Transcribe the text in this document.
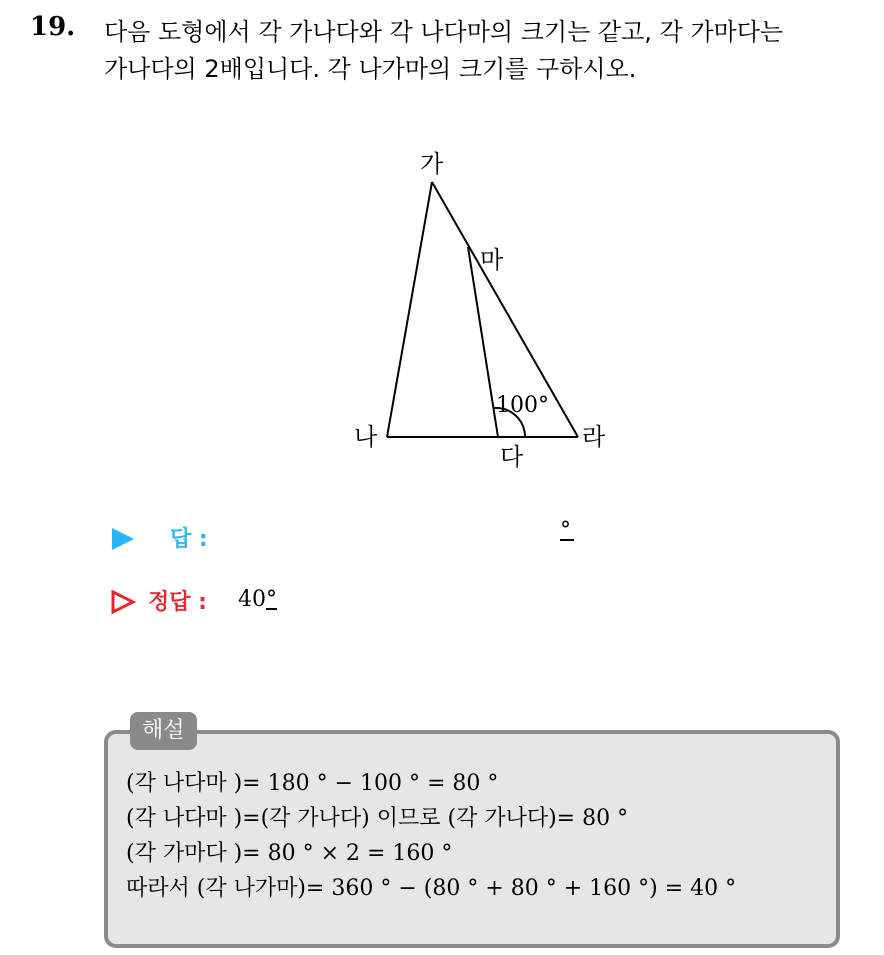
19. 다음 도형에서 각 가나다와 각 나다마의 크기는 같고, 각 가마다는
가나다의 2배입니다. 각 나가마의 크기를 구하시오.
가
마
나
다
라
100°
답 :	°
정답 : 40°
해설
(각 나다마 )= 180 ° − 100 ° = 80 °
(각 나다마 )=(각 가나다) 이므로 (각 가나다)= 80 °
(각 가마다 )= 80 ° × 2 = 160 °
따라서 (각 나가마)= 360 ° − (80 ° + 80 ° + 160 °) = 40 °
